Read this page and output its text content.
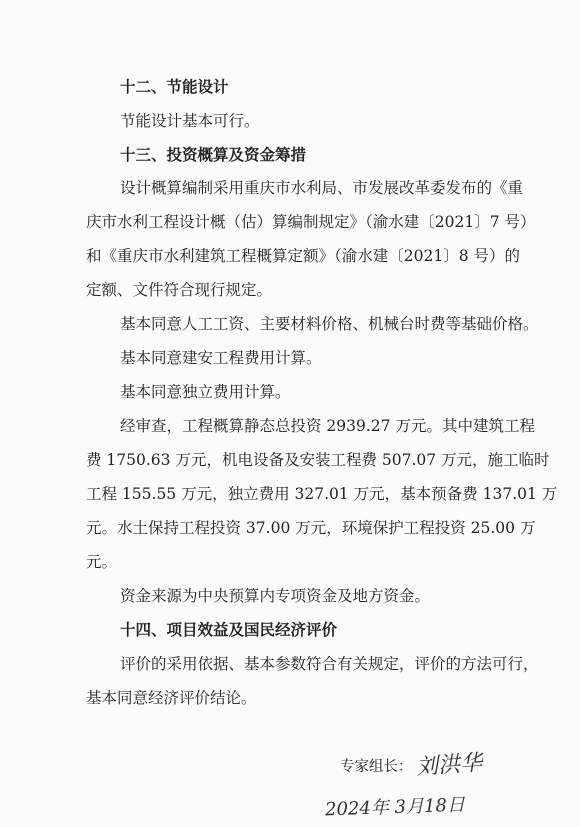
十二、节能设计
节能设计基本可行。
十三、投资概算及资金筹措
设计概算编制采用重庆市水利局、市发展改革委发布的《重
庆市水利工程设计概（估）算编制规定》（渝水建〔2021〕7 号）
和《重庆市水利建筑工程概算定额》（渝水建〔2021〕8 号）的
定额、文件符合现行规定。
基本同意人工工资、主要材料价格、机械台时费等基础价格。
基本同意建安工程费用计算。
基本同意独立费用计算。
经审查，工程概算静态总投资 2939.27 万元。其中建筑工程
费 1750.63 万元，机电设备及安装工程费 507.07 万元，施工临时
工程 155.55 万元，独立费用 327.01 万元，基本预备费 137.01 万
元。水土保持工程投资 37.00 万元，环境保护工程投资 25.00 万
元。
资金来源为中央预算内专项资金及地方资金。
十四、项目效益及国民经济评价
评价的采用依据、基本参数符合有关规定，评价的方法可行，
基本同意经济评价结论。
专家组长： 刘洪华
2024年 3月18日
